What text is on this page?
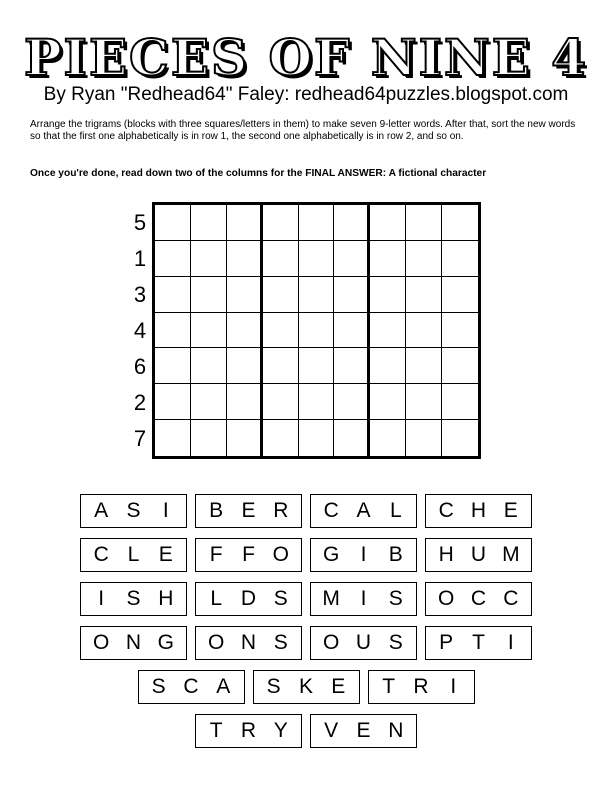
PIECES OF NINE 4
By Ryan "Redhead64" Faley: redhead64puzzles.blogspot.com
Arrange the trigrams (blocks with three squares/letters in them) to make seven 9-letter words. After that, sort the new words so that the first one alphabetically is in row 1, the second one alphabetically is in row 2, and so on.
Once you're done, read down two of the columns for the FINAL ANSWER: A fictional character
5
1
3
4
6
2
7
A S	I	B E R	C A L	C H E
C L E	F F O	G	I	B	H U M
I	S H	L D S	M I	S	O C C
O N G	O N S	O U S	P T	I
S C A	S K E	T R	I
T R Y	V E N
